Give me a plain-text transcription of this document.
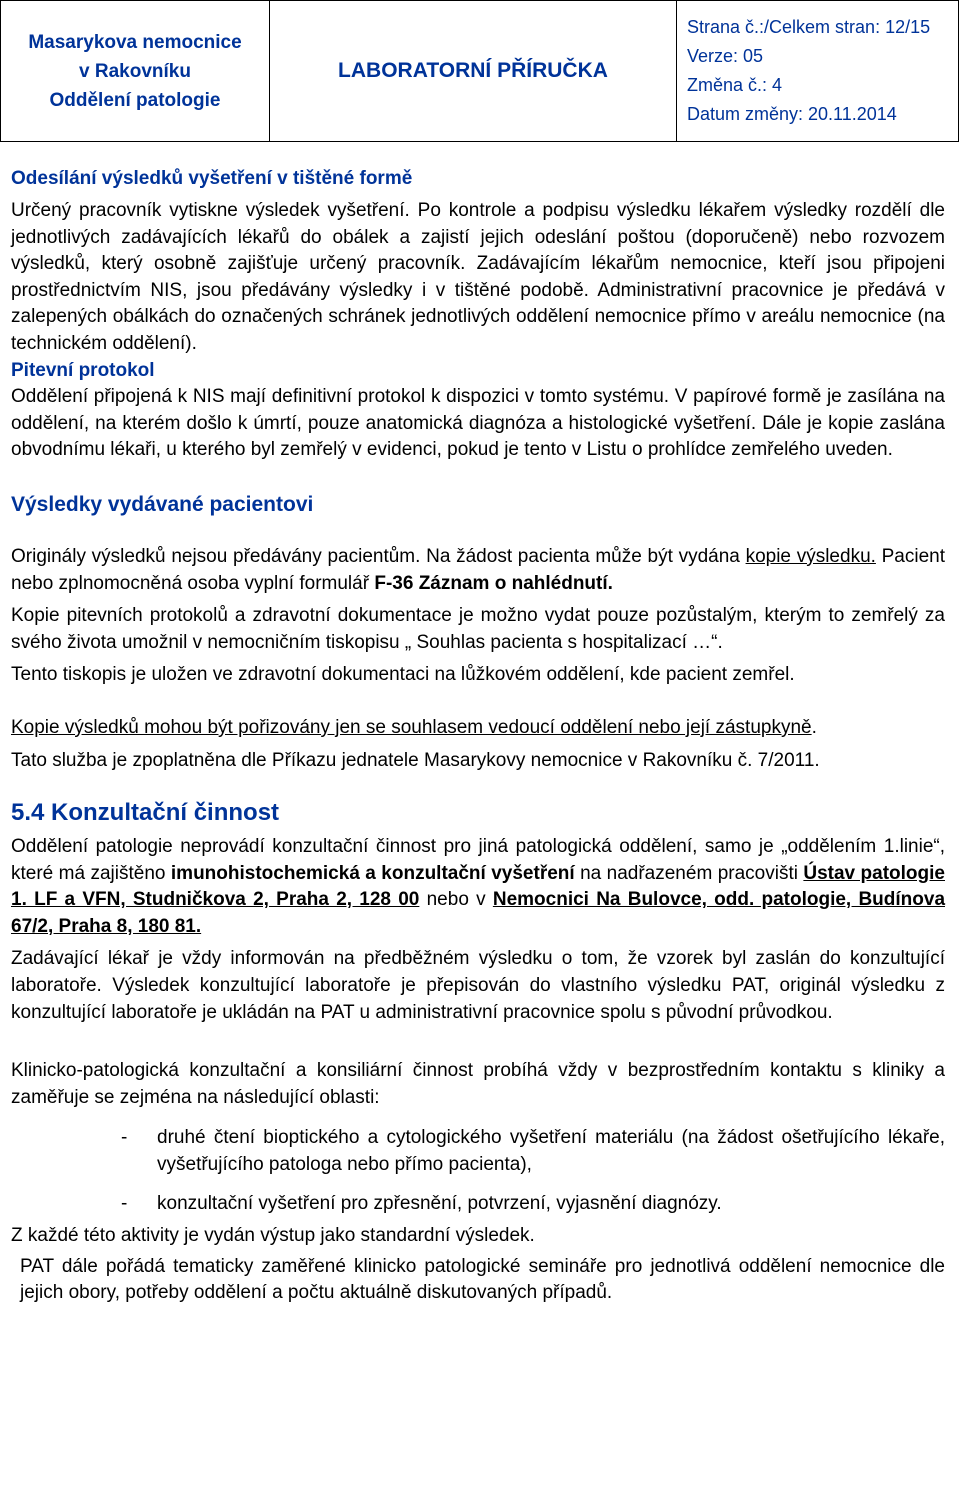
Masarykova nemocnice
v Rakovníku
Oddělení patologie
	LABORATORNÍ PŘÍRUČKA	
Strana č.:/Celkem stran: 12/15
Verze: 05
Změna č.: 4
Datum změny: 20.11.2014

Odesílání výsledků vyšetření v tištěné formě

Určený pracovník vytiskne výsledek vyšetření. Po kontrole a podpisu výsledku lékařem výsledky rozdělí dle jednotlivých zadávajících lékařů do obálek a zajistí jejich odeslání poštou (doporučeně) nebo rozvozem výsledků, který osobně zajišťuje určený pracovník. Zadávajícím lékařům nemocnice, kteří jsou připojeni prostřednictvím NIS, jsou předávány výsledky i v tištěné podobě. Administrativní pracovnice je předává v zalepených obálkách do označených schránek jednotlivých oddělení nemocnice přímo v areálu nemocnice (na technickém oddělení).

Pitevní protokol

Oddělení připojená k NIS mají definitivní protokol k dispozici v tomto systému. V papírové formě je zasílána na oddělení, na kterém došlo k úmrtí, pouze anatomická diagnóza a histologické vyšetření. Dále je kopie zaslána obvodnímu lékaři, u kterého byl zemřelý v evidenci, pokud je tento v Listu o prohlídce zemřelého uveden.

Výsledky vydávané pacientovi

Originály výsledků nejsou předávány pacientům. Na žádost pacienta může být vydána kopie výsledku. Pacient nebo zplnomocněná osoba vyplní formulář F-36 Záznam o nahlédnutí.

Kopie pitevních protokolů a zdravotní dokumentace je možno vydat pouze pozůstalým, kterým to zemřelý za svého života umožnil v nemocničním tiskopisu „ Souhlas pacienta s hospitalizací …“.

Tento tiskopis je uložen ve zdravotní dokumentaci na lůžkovém oddělení, kde pacient zemřel.

Kopie výsledků mohou být pořizovány jen se souhlasem vedoucí oddělení nebo její zástupkyně.

Tato služba je zpoplatněna dle Příkazu jednatele Masarykovy nemocnice v Rakovníku č. 7/2011.

5.4 Konzultační činnost

Oddělení patologie neprovádí konzultační činnost pro jiná patologická oddělení, samo je „oddělením 1.linie“, které má zajištěno imunohistochemická a konzultační vyšetření na nadřazeném pracovišti Ústav patologie 1. LF a VFN, Studničkova 2, Praha 2, 128 00 nebo v Nemocnici Na Bulovce, odd. patologie, Budínova 67/2, Praha 8, 180 81.

Zadávající lékař je vždy informován na předběžném výsledku o tom, že vzorek byl zaslán do konzultující laboratoře. Výsledek konzultující laboratoře je přepisován do vlastního výsledku PAT, originál výsledku z konzultující laboratoře je ukládán na PAT u administrativní pracovnice spolu s původní průvodkou.

Klinicko-patologická konzultační a konsiliární činnost probíhá vždy v bezprostředním kontaktu s kliniky a zaměřuje se zejména na následující oblasti:

- druhé čtení bioptického a cytologického vyšetření materiálu (na žádost ošetřujícího lékaře, vyšetřujícího patologa nebo přímo pacienta),
- konzultační vyšetření pro zpřesnění, potvrzení, vyjasnění diagnózy.

Z každé této aktivity je vydán výstup jako standardní výsledek.

PAT dále pořádá tematicky zaměřené klinicko patologické semináře pro jednotlivá oddělení nemocnice dle jejich obory, potřeby oddělení a počtu aktuálně diskutovaných případů.
